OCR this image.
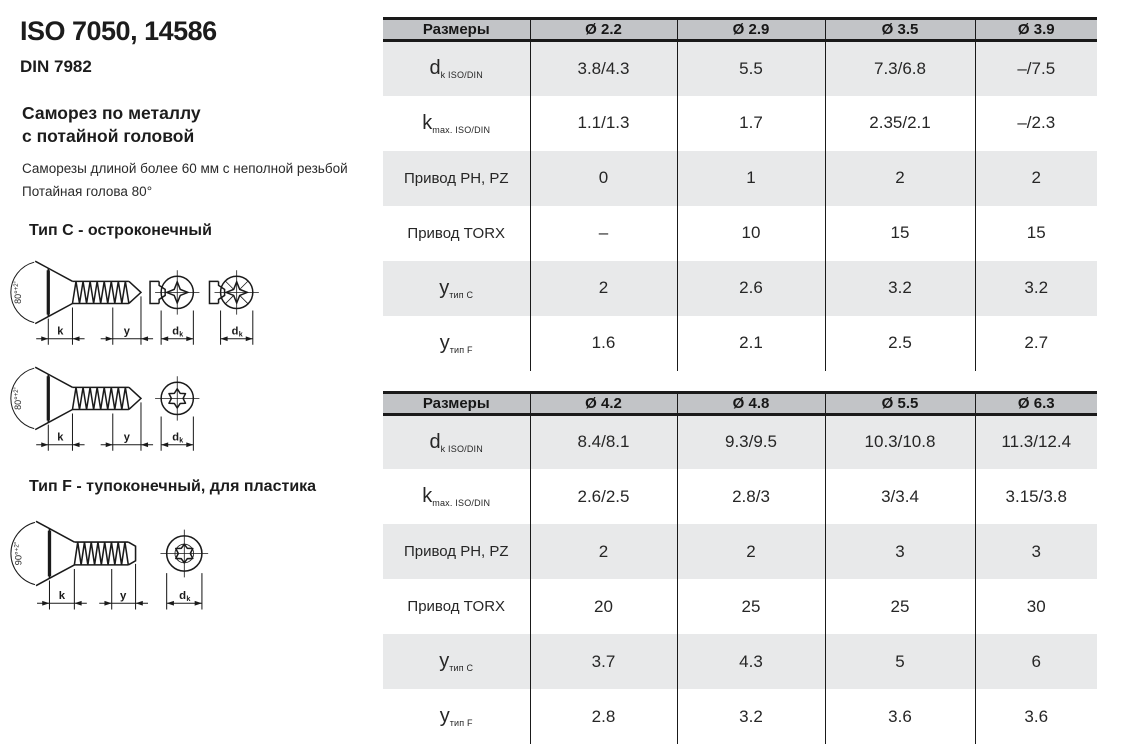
ISO 7050, 14586
DIN 7982
Саморез по металлу
с потайной головой
Саморезы длиной более 60 мм с неполной резьбой
Потайная голова 80°
Тип C - остроконечный
80°$^{+2^\circ}$
k	y	d k	d k
80°$^{+2^\circ}$
k	y	d k
Тип F - тупоконечный, для пластика
90°$^{+2^\circ}$
k	y	d k
Размеры	Ø 2.2	Ø 2.9	Ø 3.5	Ø 3.9
$d_{k ISO/DIN}$	3.8/4.3	5.5	7.3/6.8	–/7.5
$k_{max. ISO/DIN}$	1.1/1.3	1.7	2.35/2.1	–/2.3
Привод PH, PZ	0	1	2	2
Привод TORX	–	10	15	15
$y_{тип C}$	2	2.6	3.2	3.2
$y_{тип F}$	1.6	2.1	2.5	2.7
Размеры	Ø 4.2	Ø 4.8	Ø 5.5	Ø 6.3
$d_{k ISO/DIN}$	8.4/8.1	9.3/9.5	10.3/10.8	11.3/12.4
$k_{max. ISO/DIN}$	2.6/2.5	2.8/3	3/3.4	3.15/3.8
Привод PH, PZ	2	2	3	3
Привод TORX	20	25	25	30
$y_{тип C}$	3.7	4.3	5	6
$y_{тип F}$	2.8	3.2	3.6	3.6
